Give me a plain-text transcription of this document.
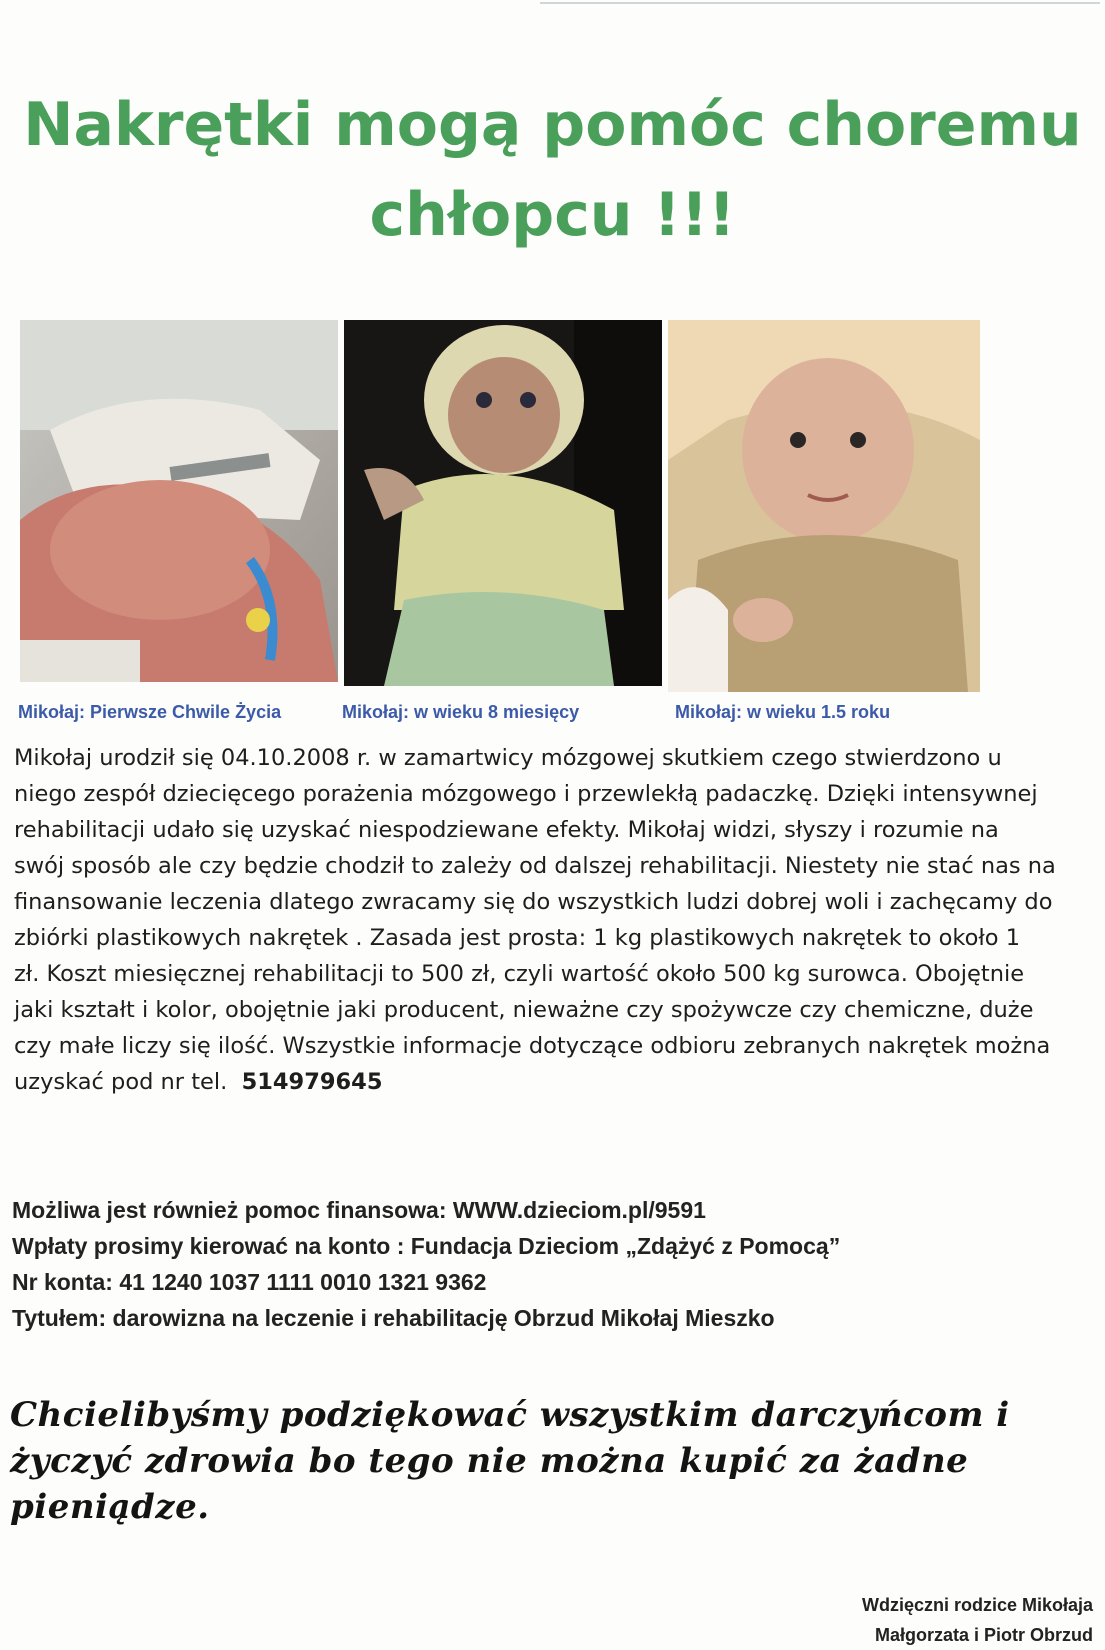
Nakrętki mogą pomóc choremu
chłopcu !!!
Mikołaj: Pierwsze Chwile Życia	Mikołaj: w wieku 8 miesięcy	Mikołaj: w wieku 1.5 roku

Mikołaj urodził się 04.10.2008 r. w zamartwicy mózgowej skutkiem czego stwierdzono u

niego zespół dziecięcego porażenia mózgowego i przewlekłą padaczkę. Dzięki intensywnej

rehabilitacji udało się uzyskać niespodziewane efekty. Mikołaj widzi, słyszy i rozumie na

swój sposób ale czy będzie chodził to zależy od dalszej rehabilitacji. Niestety nie stać nas na

finansowanie leczenia dlatego zwracamy się do wszystkich ludzi dobrej woli i zachęcamy do

zbiórki plastikowych nakrętek . Zasada jest prosta: 1 kg plastikowych nakrętek to około 1

zł. Koszt miesięcznej rehabilitacji to 500 zł, czyli wartość około 500 kg surowca. Obojętnie

jaki kształt i kolor, obojętnie jaki producent, nieważne czy spożywcze czy chemiczne, duże

czy małe liczy się ilość. Wszystkie informacje dotyczące odbioru zebranych nakrętek można

uzyskać pod nr tel. 514979645

Możliwa jest również pomoc finansowa: WWW.dzieciom.pl/9591

Wpłaty prosimy kierować na konto : Fundacja Dzieciom „Zdążyć z Pomocą”

Nr konta: 41 1240 1037 1111 0010 1321 9362

Tytułem: darowizna na leczenie i rehabilitację Obrzud Mikołaj Mieszko

Chcielibyśmy podziękować wszystkim darczyńcom i

życzyć zdrowia bo tego nie można kupić za żadne

pieniądze.

Wdzięczni rodzice Mikołaja

Małgorzata i Piotr Obrzud
